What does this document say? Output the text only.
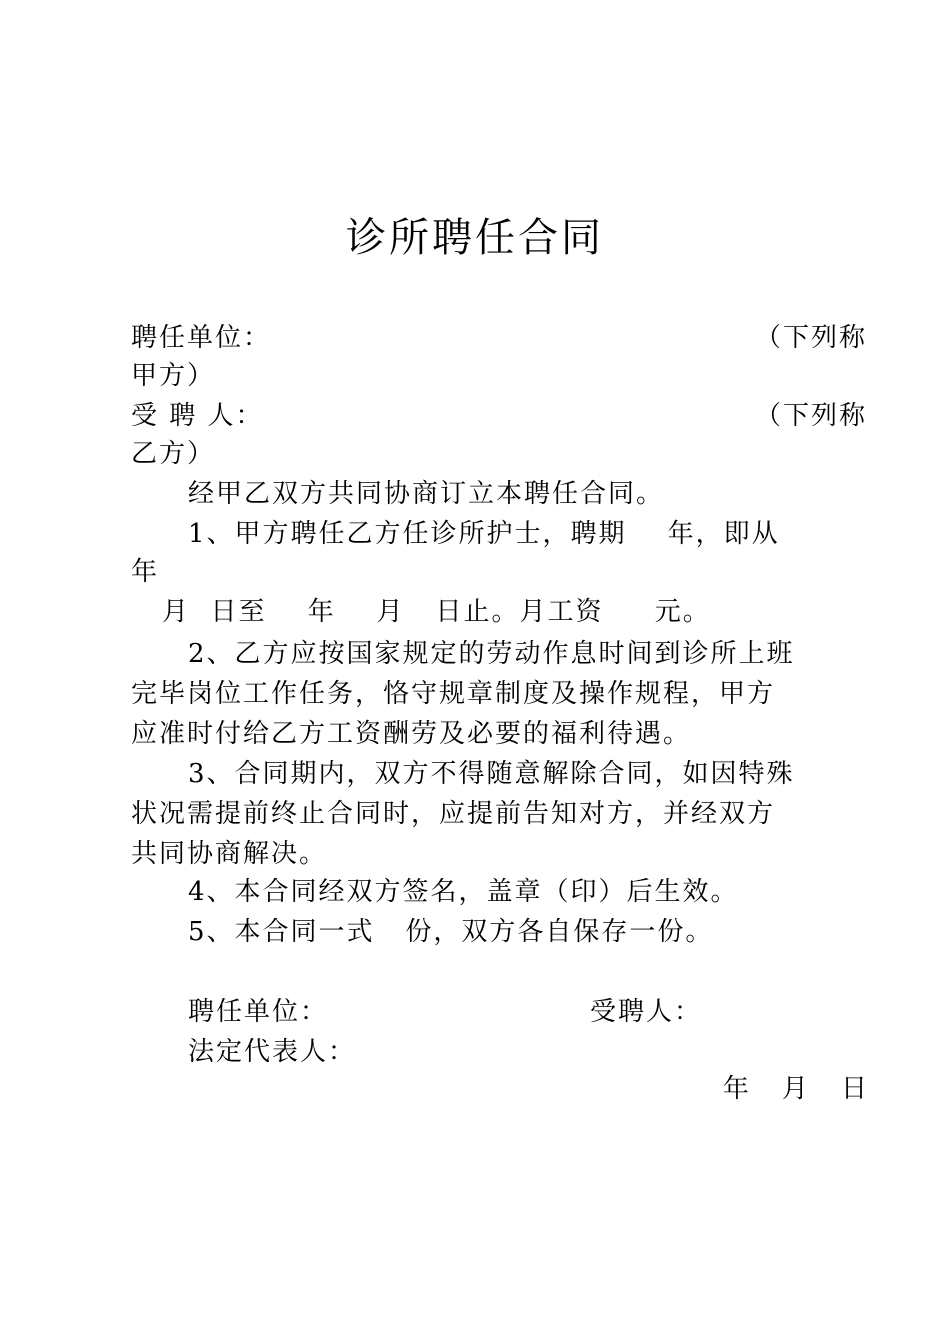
诊所聘任合同
聘任单位：	（下列称
甲方）
受 聘 人：	（下列称
乙方）
经甲乙双方共同协商订立本聘任合同。
1、甲方聘任乙方任诊所护士，聘期    年，即从
年
月  日至    年    月   日止。月工资     元。
2、乙方应按国家规定的劳动作息时间到诊所上班
完毕岗位工作任务，恪守规章制度及操作规程，甲方
应准时付给乙方工资酬劳及必要的福利待遇。
3、合同期内，双方不得随意解除合同，如因特殊
状况需提前终止合同时，应提前告知对方，并经双方
共同协商解决。
4、本合同经双方签名，盖章（印）后生效。
5、本合同一式   份，双方各自保存一份。
聘任单位：	受聘人：
法定代表人：
年    月    日
